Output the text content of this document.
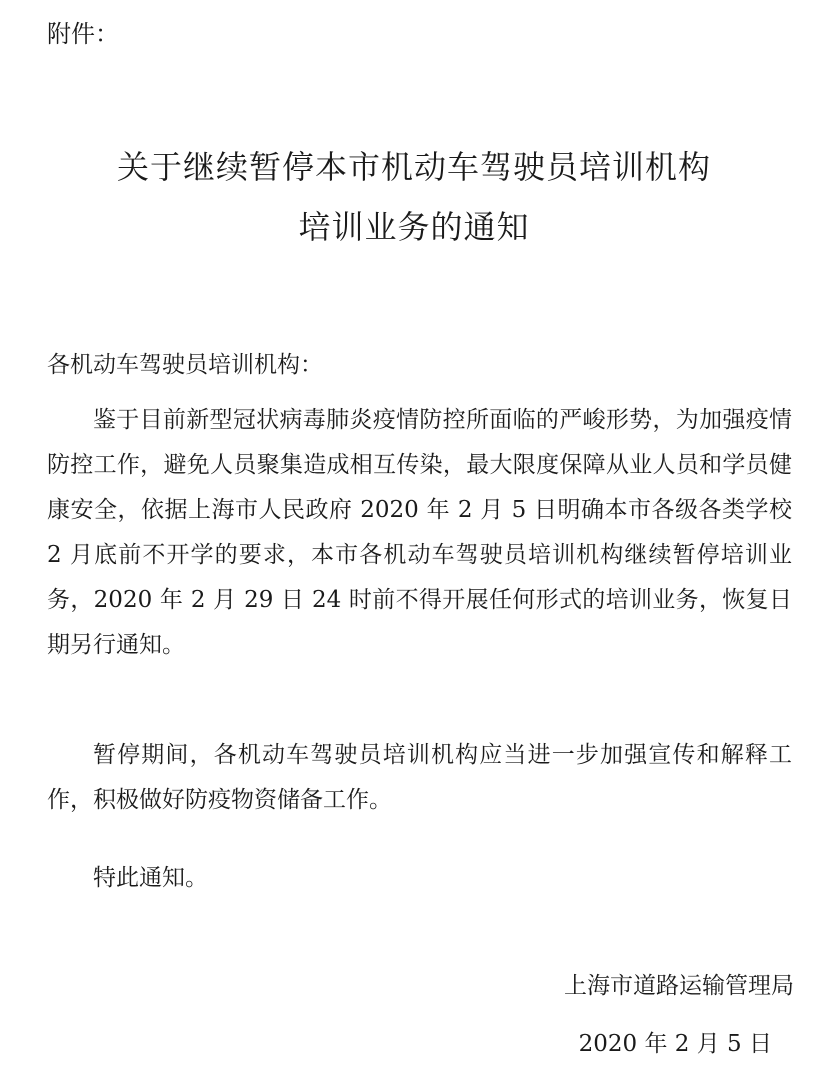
附件：
关于继续暂停本市机动车驾驶员培训机构
培训业务的通知
各机动车驾驶员培训机构：
鉴于目前新型冠状病毒肺炎疫情防控所面临的严峻形势，为加强疫情防控工作，避免人员聚集造成相互传染，最大限度保障从业人员和学员健康安全，依据上海市人民政府 2020 年 2 月 5 日明确本市各级各类学校 2 月底前不开学的要求，本市各机动车驾驶员培训机构继续暂停培训业务，2020 年 2 月 29 日 24 时前不得开展任何形式的培训业务，恢复日期另行通知。
暂停期间，各机动车驾驶员培训机构应当进一步加强宣传和解释工作，积极做好防疫物资储备工作。
特此通知。
上海市道路运输管理局
2020 年 2 月 5 日
